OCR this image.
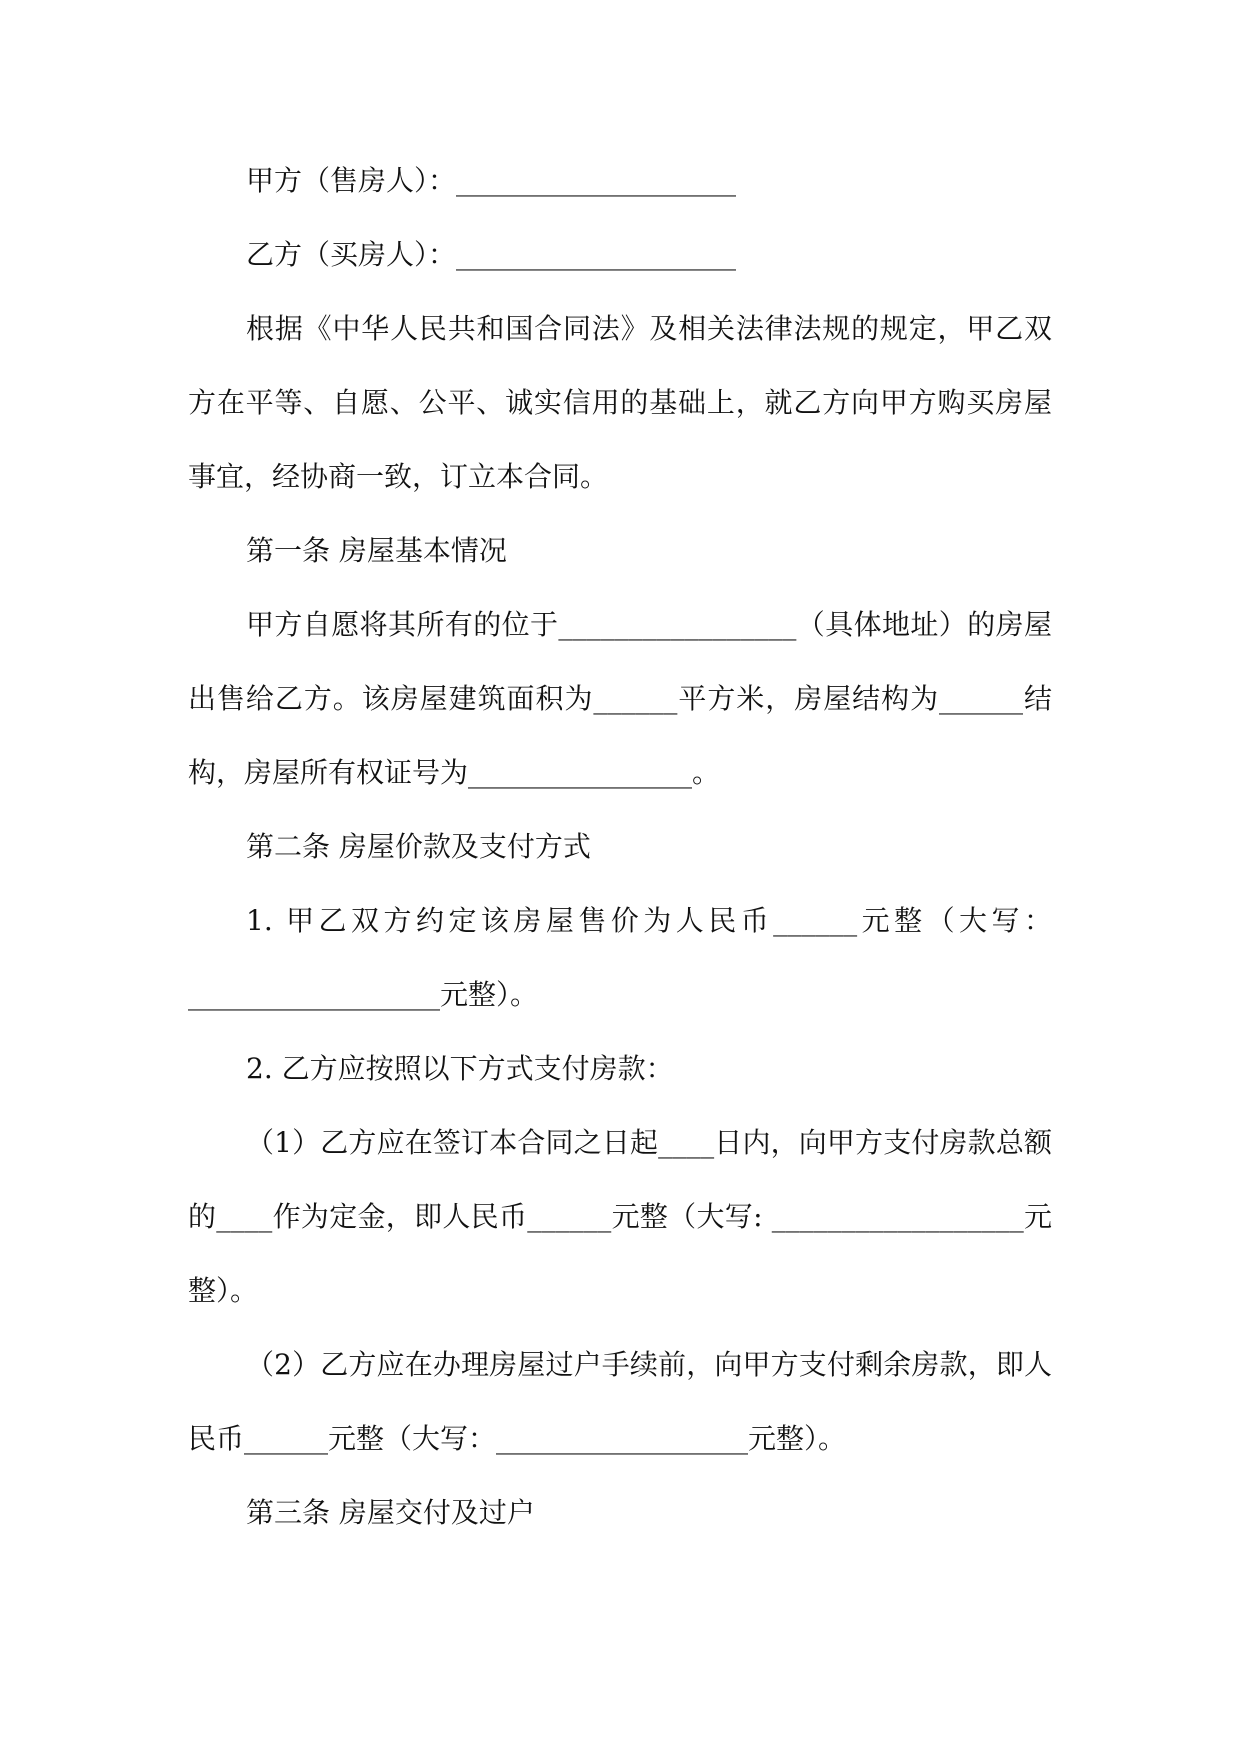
甲方（售房人）：____________________

乙方（买房人）：____________________

根据《中华人民共和国合同法》及相关法律法规的规定，甲乙双方在平等、自愿、公平、诚实信用的基础上，就乙方向甲方购买房屋事宜，经协商一致，订立本合同。

第一条 房屋基本情况

甲方自愿将其所有的位于_________________（具体地址）的房屋出售给乙方。该房屋建筑面积为______平方米，房屋结构为______结构，房屋所有权证号为________________。

第二条 房屋价款及支付方式

1. 甲乙双方约定该房屋售价为人民币______元整（大写：__________________元整）。

2. 乙方应按照以下方式支付房款：

（1）乙方应在签订本合同之日起____日内，向甲方支付房款总额的____作为定金，即人民币______元整（大写: __________________元整）。

（2）乙方应在办理房屋过户手续前，向甲方支付剩余房款，即人民币______元整（大写：__________________元整）。

第三条 房屋交付及过户
